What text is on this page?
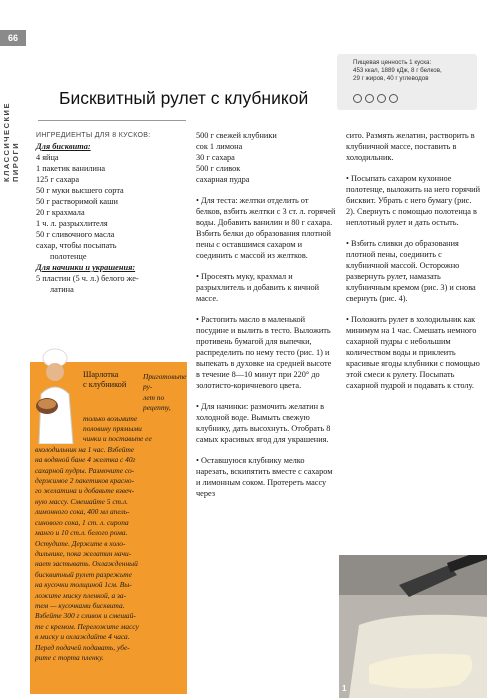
66
КЛАССИЧЕСКИЕ ПИРОГИ
Пищевая ценность 1 куска:
453 ккал, 1889 кДж, 8 г белков,
29 г жиров, 40 г углеводов
Бисквитный рулет с клубникой

ИНГРЕДИЕНТЫ ДЛЯ 8 КУСКОВ:

Для бисквита:

4 яйца

1 пакетик ванилина

125 г сахара

50 г муки высшего сорта

50 г растворимой каши

20 г крахмала

1 ч. л. разрыхлителя

50 г сливочного масла

сахар, чтобы посыпать

полотенце

Для начинки и украшения:

5 пластин (5 ч. л.) белого же-

латина

500 г свежей клубники

сок 1 лимона

30 г сахара

500 г сливок

сахарная пудра

• Для теста: желтки отделить от белков, взбить желтки с 3 ст. л. горячей воды. Добавить ванилин и 80 г сахара. Взбить белки до образования плотной пены с оставшимся сахаром и соединить с массой из желтков.

• Просеять муку, крахмал и разрыхлитель и добавить к яичной массе.

• Растопить масло в маленькой посудине и вылить в тесто. Выложить противень бумагой для выпечки, распределить по нему тесто (рис. 1) и выпекать в духовке на средней высоте в течение 8—10 минут при 220° до золотисто-коричневого цвета.

• Для начинки: размочить желатин в холодной воде. Вымыть свежую клубнику, дать высохнуть. Отобрать 8 самых красивых ягод для украшения.

• Оставшуюся клубнику мелко нарезать, вскипятить вместе с сахаром и лимонным соком. Протереть массу через

сито. Размять желатин, растворить в клубничной массе, поставить в холодильник.

• Посыпать сахаром кухонное полотенце, выложить на него горячий бисквит. Убрать с него бумагу (рис. 2). Свернуть с помощью полотенца в неплотный рулет и дать остыть.

• Взбить сливки до образования плотной пены, соединить с клубничной массой. Осторожно развернуть рулет, намазать клубничным кремом (рис. 3) и снова свернуть (рис. 4).

• Положить рулет в холодильник как минимум на 1 час. Смешать немного сахарной пудры с небольшим количеством воды и приклеить красивые ягоды клубники с помощью этой смеси к рулету. Посыпать сахарной пудрой и подавать к столу.

Шарлотка
с клубникой

Приготовьте ру-

лет по рецепту,

только возьмите

половину прямыми

чинки и поставьте ее

вхолодильник на 1 час. Взбейте

на водяной бане 4 желтка с 40г

сахарной пудры. Размочите со-

держимое 2 пакетиков красно-

го желатина и добавьте взвеч-

ную массу. Смешайте 5 ст.л.

лимонного сока, 400 мл апель-

синового сока, 1 ст. л. сиропа

манго и 10 ст.л. белого рома.

Остудите. Держите в холо-

дильнике, пока желатин начи-

нает застывать. Охлажденный

бисквитный рулет разрежьте

на кусочки толщиной 1см. Вы-

ложите миску пленкой, а за-

тем — кусочками бисквита.

Взбейте 300 г сливок и смешай-

те с кремом. Переложите массу

в миску и охлаждайте 4 часа.

Перед подачей подавать, убе-

рите с торта пленку.

1
